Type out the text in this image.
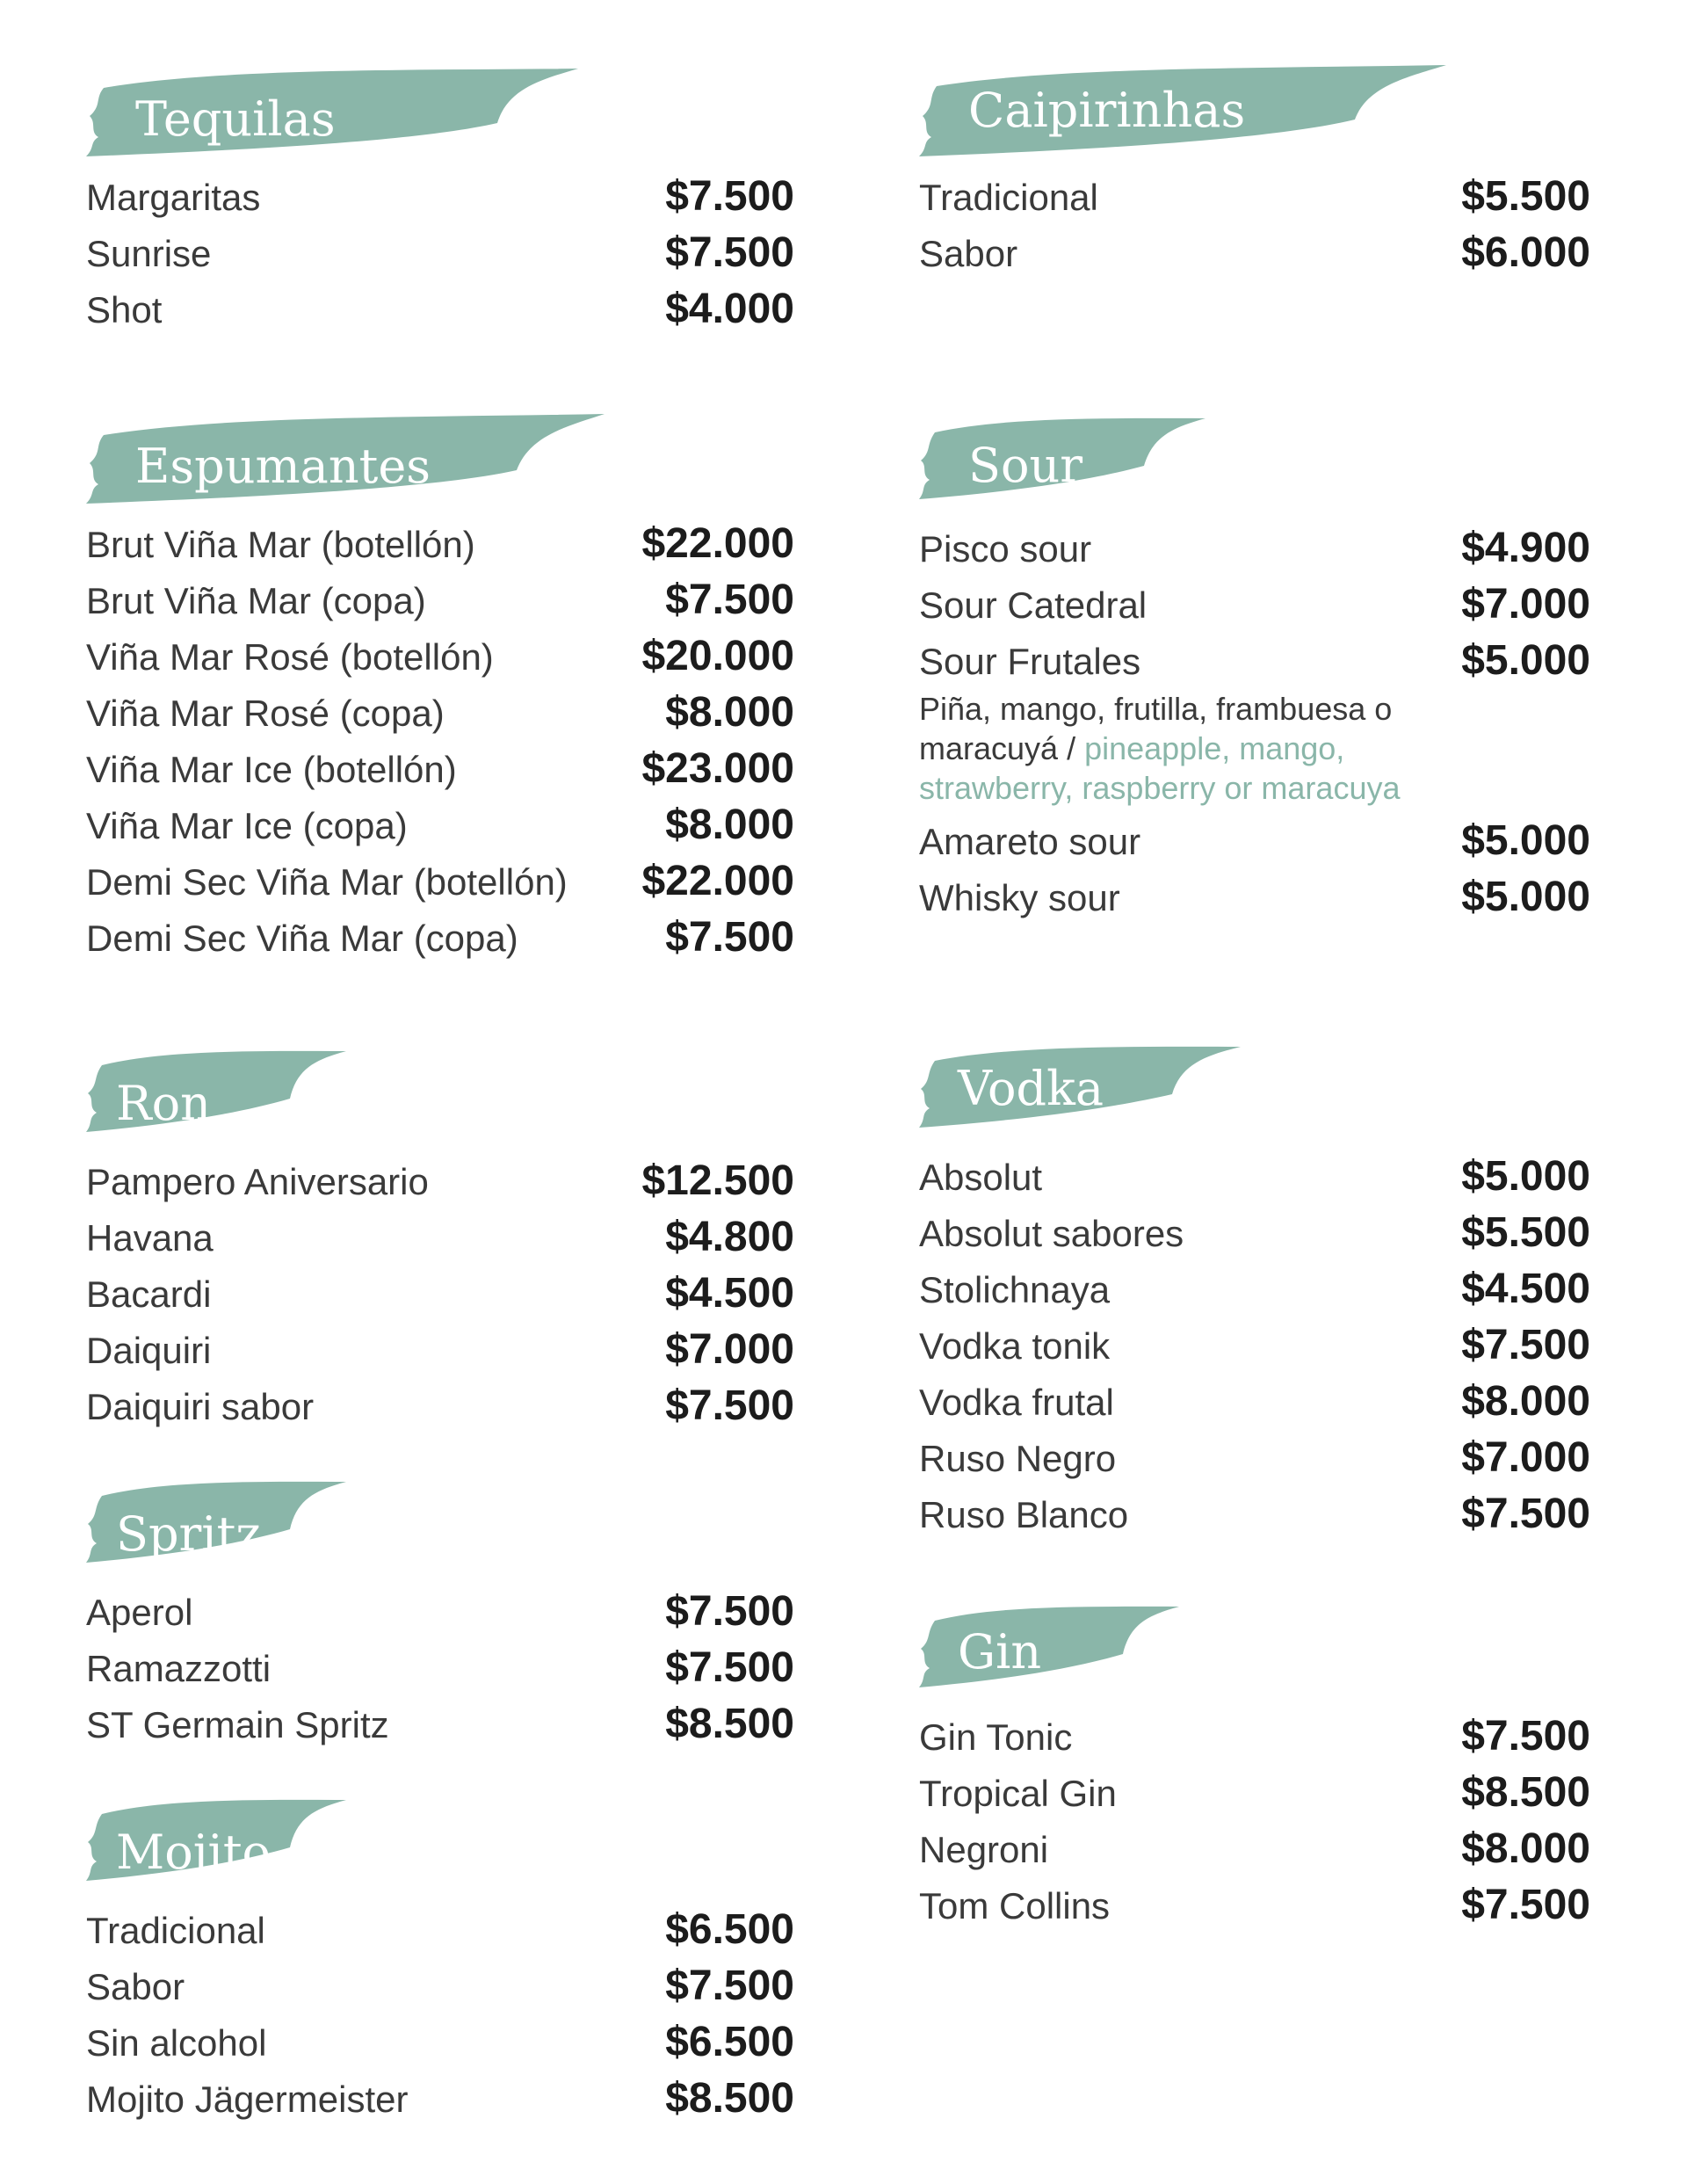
Tequilas
Margaritas	$7.500
Sunrise	$7.500
Shot	$4.000
Espumantes
Brut Viña Mar (botellón)	$22.000
Brut Viña Mar (copa)	$7.500
Viña Mar Rosé (botellón)	$20.000
Viña Mar Rosé (copa)	$8.000
Viña Mar Ice (botellón)	$23.000
Viña Mar Ice (copa)	$8.000
Demi Sec Viña Mar (botellón) $22.000
Demi Sec Viña Mar (copa)	$7.500
Ron
Pampero Aniversario	$12.500
Havana	$4.800
Bacardi	$4.500
Daiquiri	$7.000
Daiquiri sabor	$7.500
Spritz
Aperol	$7.500
Ramazzotti	$7.500
ST Germain Spritz	$8.500
Mojito
Tradicional	$6.500
Sabor	$7.500
Sin alcohol	$6.500
Mojito Jägermeister	$8.500
Caipirinhas
Tradicional	$5.500
Sabor	$6.000
Sour
Pisco sour	$4.900
Sour Catedral	$7.000
Sour Frutales	$5.000
Piña, mango, frutilla, frambuesa o maracuyá / pineapple, mango, strawberry, raspberry or maracuya
Amareto sour	$5.000
Whisky sour	$5.000
Vodka
Absolut	$5.000
Absolut sabores	$5.500
Stolichnaya	$4.500
Vodka tonik	$7.500
Vodka frutal	$8.000
Ruso Negro	$7.000
Ruso Blanco	$7.500
Gin
Gin Tonic	$7.500
Tropical Gin	$8.500
Negroni	$8.000
Tom Collins	$7.500
